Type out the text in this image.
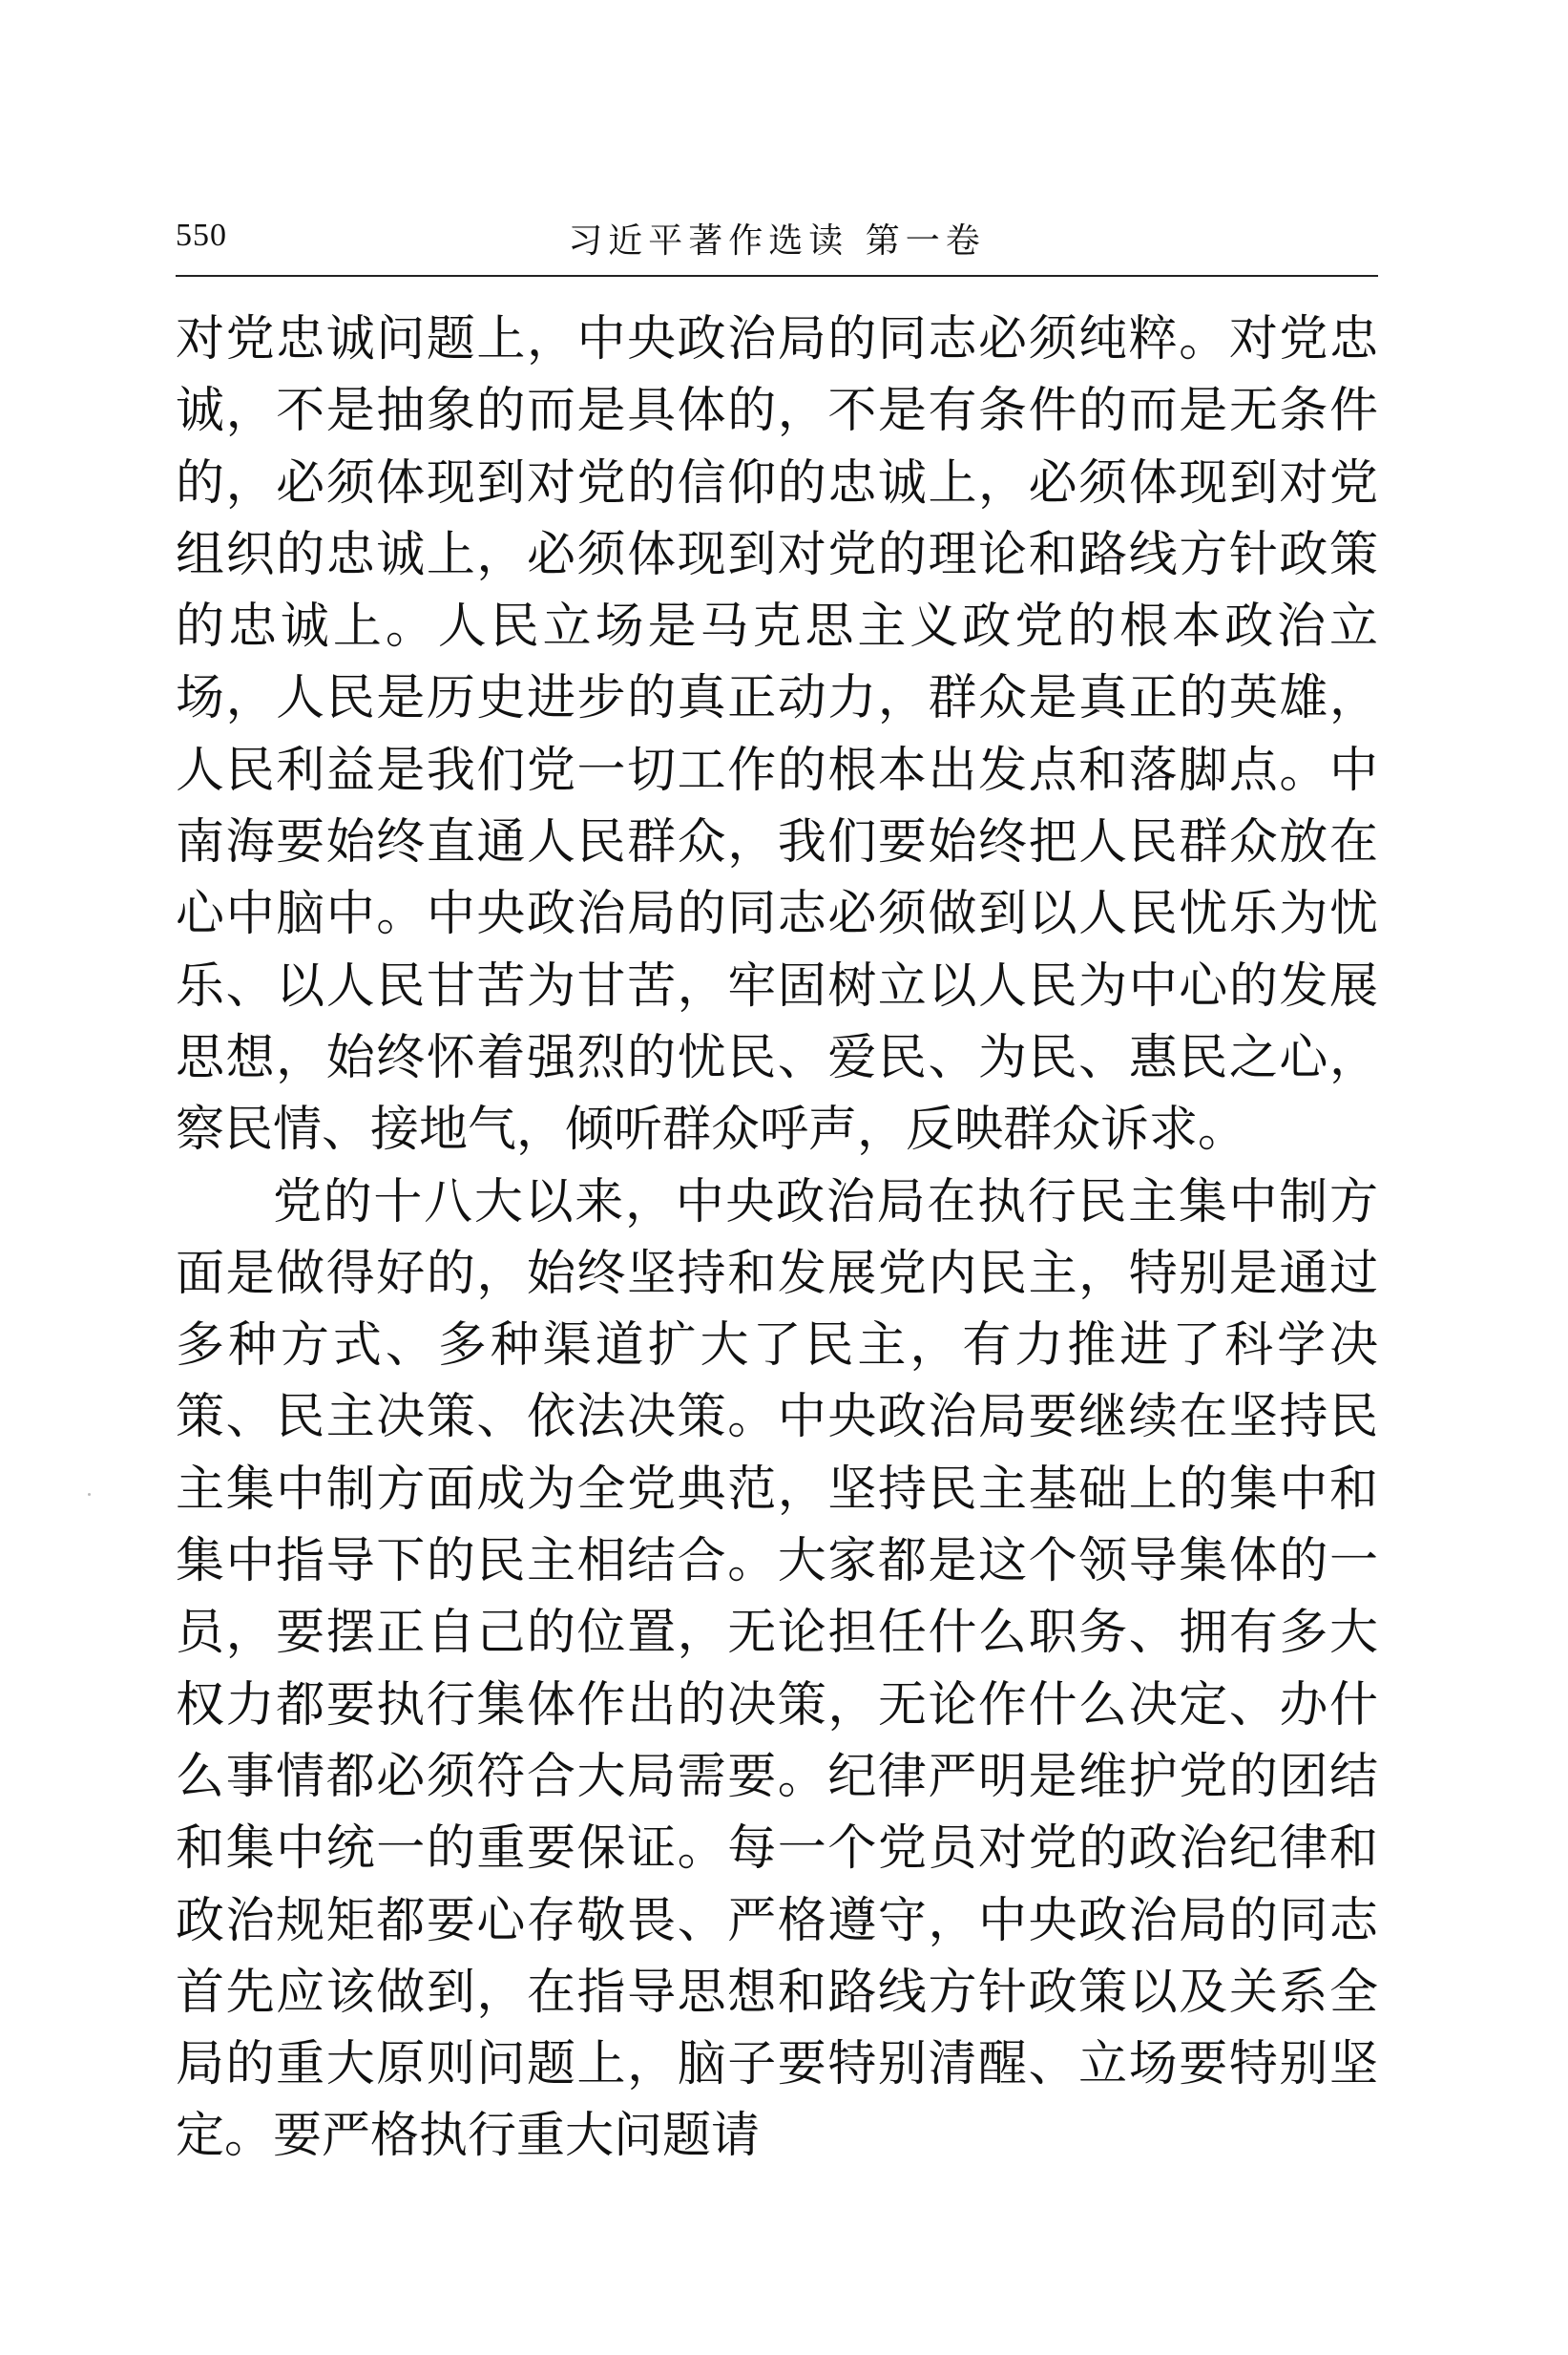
550	习近平著作选读 第一卷

对党忠诚问题上，中央政治局的同志必须纯粹。对党忠诚，不是抽象的而是具体的，不是有条件的而是无条件的，必须体现到对党的信仰的忠诚上，必须体现到对党组织的忠诚上，必须体现到对党的理论和路线方针政策的忠诚上。人民立场是马克思主义政党的根本政治立场，人民是历史进步的真正动力，群众是真正的英雄，人民利益是我们党一切工作的根本出发点和落脚点。中南海要始终直通人民群众，我们要始终把人民群众放在心中脑中。中央政治局的同志必须做到以人民忧乐为忧乐、以人民甘苦为甘苦，牢固树立以人民为中心的发展思想，始终怀着强烈的忧民、爱民、为民、惠民之心，察民情、接地气，倾听群众呼声，反映群众诉求。

党的十八大以来，中央政治局在执行民主集中制方面是做得好的，始终坚持和发展党内民主，特别是通过多种方式、多种渠道扩大了民主，有力推进了科学决策、民主决策、依法决策。中央政治局要继续在坚持民主集中制方面成为全党典范，坚持民主基础上的集中和集中指导下的民主相结合。大家都是这个领导集体的一员，要摆正自己的位置，无论担任什么职务、拥有多大权力都要执行集体作出的决策，无论作什么决定、办什么事情都必须符合大局需要。纪律严明是维护党的团结和集中统一的重要保证。每一个党员对党的政治纪律和政治规矩都要心存敬畏、严格遵守，中央政治局的同志首先应该做到，在指导思想和路线方针政策以及关系全局的重大原则问题上，脑子要特别清醒、立场要特别坚定。要严格执行重大问题请
